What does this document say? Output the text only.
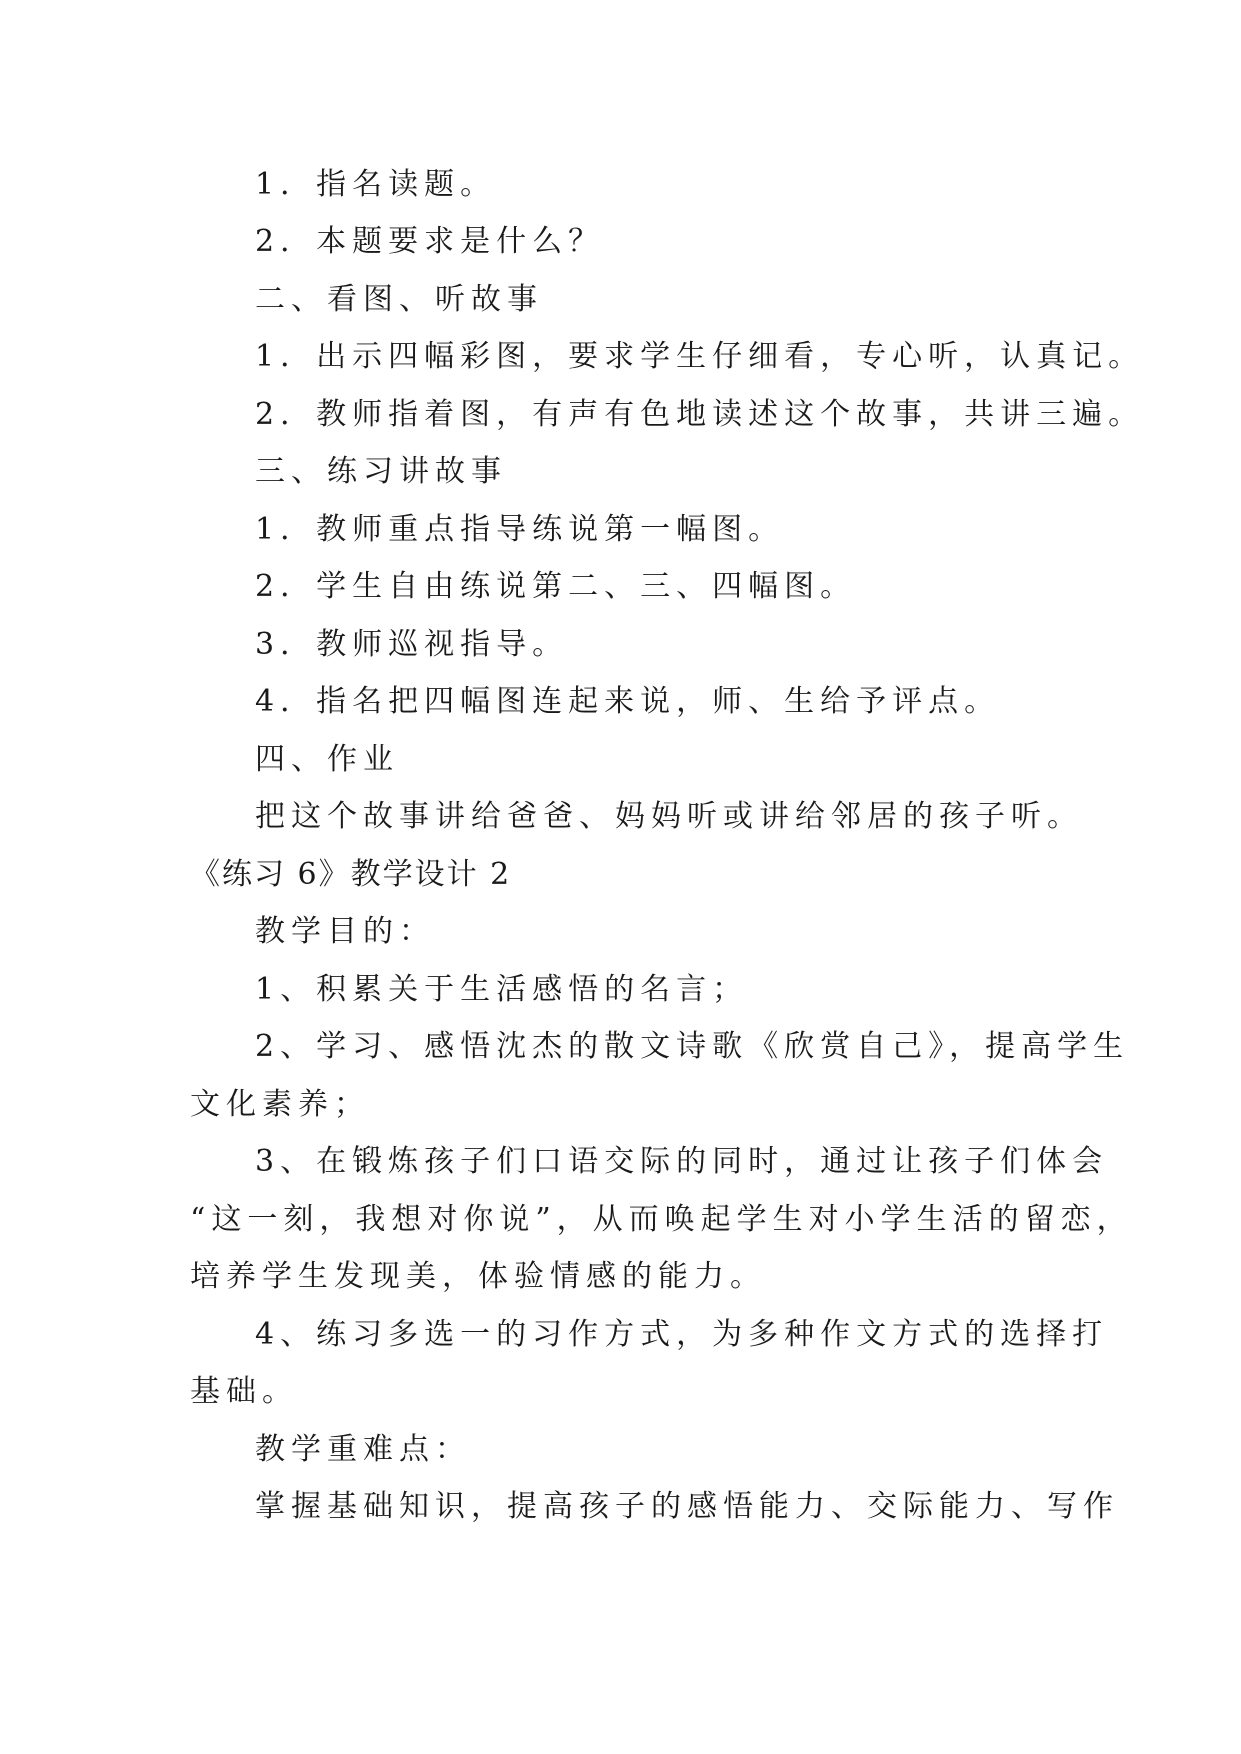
1．指名读题。

2．本题要求是什么？

二、看图、听故事

1．出示四幅彩图，要求学生仔细看，专心听，认真记。

2．教师指着图，有声有色地读述这个故事，共讲三遍。

三、练习讲故事

1．教师重点指导练说第一幅图。

2．学生自由练说第二、三、四幅图。

3．教师巡视指导。

4．指名把四幅图连起来说，师、生给予评点。

四、作业

把这个故事讲给爸爸、妈妈听或讲给邻居的孩子听。

《练习 6》教学设计 2

教学目的：

1、积累关于生活感悟的名言；

2、学习、感悟沈杰的散文诗歌《欣赏自己》，提高学生

文化素养；

3、在锻炼孩子们口语交际的同时，通过让孩子们体会

“这一刻，我想对你说”，从而唤起学生对小学生活的留恋，

培养学生发现美，体验情感的能力。

4、练习多选一的习作方式，为多种作文方式的选择打

基础。

教学重难点：

掌握基础知识，提高孩子的感悟能力、交际能力、写作
